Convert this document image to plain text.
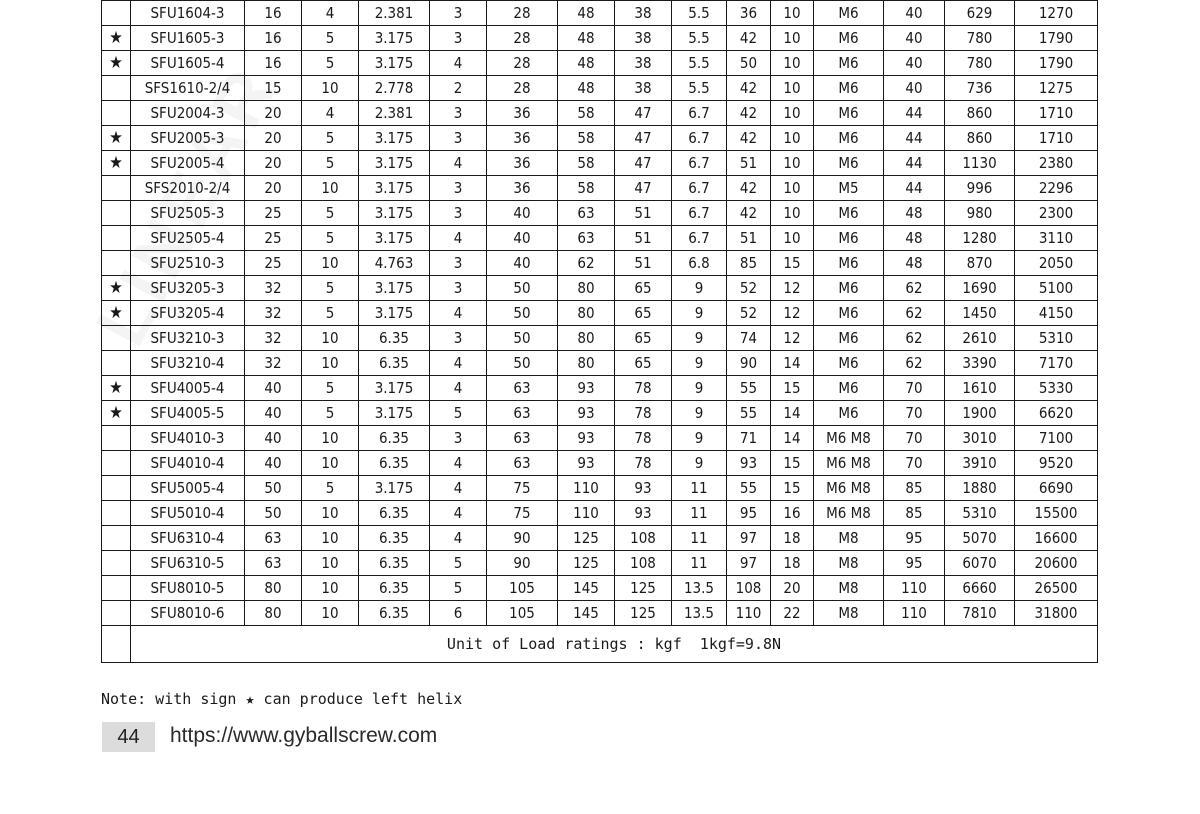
	SFU1604-3	16	4	2.381	3	28	48	38	5.5	36	10	M6	40	629	1270
★	SFU1605-3	16	5	3.175	3	28	48	38	5.5	42	10	M6	40	780	1790
★	SFU1605-4	16	5	3.175	4	28	48	38	5.5	50	10	M6	40	780	1790
	SFS1610-2/4	15	10	2.778	2	28	48	38	5.5	42	10	M6	40	736	1275
	SFU2004-3	20	4	2.381	3	36	58	47	6.7	42	10	M6	44	860	1710
★	SFU2005-3	20	5	3.175	3	36	58	47	6.7	42	10	M6	44	860	1710
★	SFU2005-4	20	5	3.175	4	36	58	47	6.7	51	10	M6	44	1130	2380
	SFS2010-2/4	20	10	3.175	3	36	58	47	6.7	42	10	M5	44	996	2296
	SFU2505-3	25	5	3.175	3	40	63	51	6.7	42	10	M6	48	980	2300
	SFU2505-4	25	5	3.175	4	40	63	51	6.7	51	10	M6	48	1280	3110
	SFU2510-3	25	10	4.763	3	40	62	51	6.8	85	15	M6	48	870	2050
★	SFU3205-3	32	5	3.175	3	50	80	65	9	52	12	M6	62	1690	5100
★	SFU3205-4	32	5	3.175	4	50	80	65	9	52	12	M6	62	1450	4150
	SFU3210-3	32	10	6.35	3	50	80	65	9	74	12	M6	62	2610	5310
	SFU3210-4	32	10	6.35	4	50	80	65	9	90	14	M6	62	3390	7170
★	SFU4005-4	40	5	3.175	4	63	93	78	9	55	15	M6	70	1610	5330
★	SFU4005-5	40	5	3.175	5	63	93	78	9	55	14	M6	70	1900	6620
	SFU4010-3	40	10	6.35	3	63	93	78	9	71	14	M6 M8	70	3010	7100
	SFU4010-4	40	10	6.35	4	63	93	78	9	93	15	M6 M8	70	3910	9520
	SFU5005-4	50	5	3.175	4	75	110	93	11	55	15	M6 M8	85	1880	6690
	SFU5010-4	50	10	6.35	4	75	110	93	11	95	16	M6 M8	85	5310	15500
	SFU6310-4	63	10	6.35	4	90	125	108	11	97	18	M8	95	5070	16600
	SFU6310-5	63	10	6.35	5	90	125	108	11	97	18	M8	95	6070	20600
	SFU8010-5	80	10	6.35	5	105	145	125	13.5	108	20	M8	110	6660	26500
	SFU8010-6	80	10	6.35	6	105	145	125	13.5	110	22	M8	110	7810	31800
	Unit of Load ratings : kgf  1kgf=9.8N														
Note: with sign ★ can produce left helix
44	https://www.gyballscrew.com
